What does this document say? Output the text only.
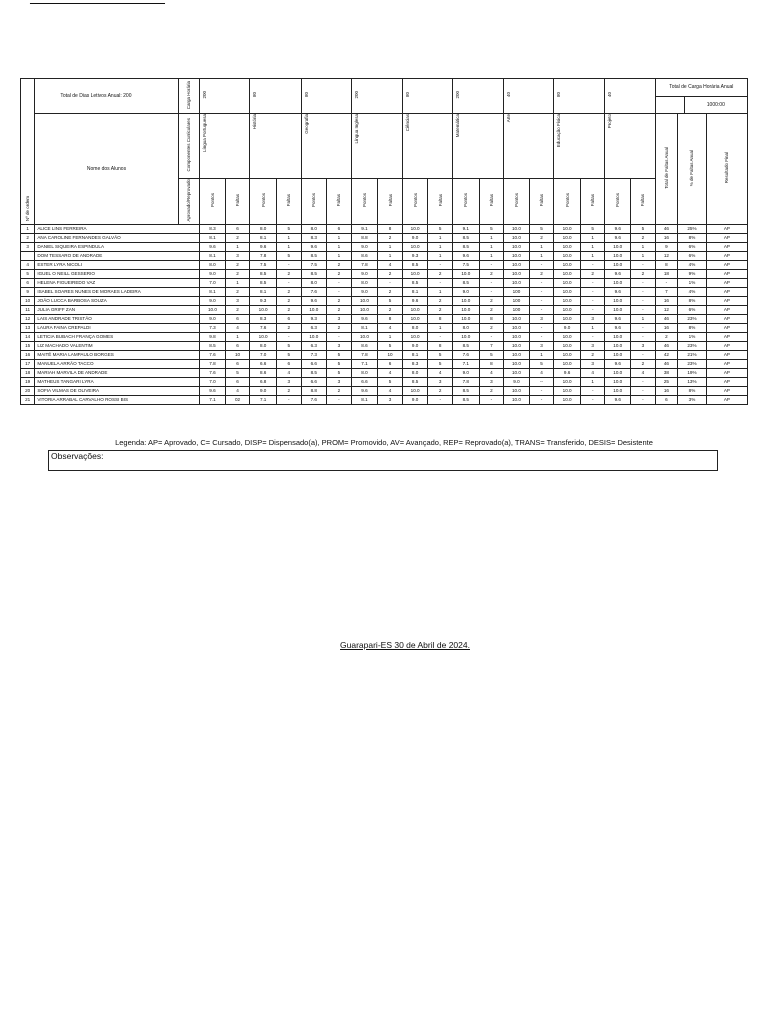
Nº de ordem	Total de Dias Letivos Anual: 200	Carga Horária	200		80		80		200		80		200		40		80		40		Total de Carga Horária Anual
1000:00		

	Nome dos Alunos	Componentes Curriculares	Língua Portuguesa		História		Geografia		Língua Inglesa		Ciências		Matemática		Arte		Educação Física		Projeto		Total de Faltas Anual	% de Faltas Anual	Resultado Final
		Aprovado/Reprovado	Pontos	Faltas	Pontos	Faltas	Pontos	Faltas	Pontos	Faltas	Pontos	Faltas	Pontos	Faltas	Pontos	Faltas	Pontos	Faltas	Pontos	Faltas			
1	ALICE LINS FERREIRA		8.3	6	8.0	5	8.0	6	9.1	8	10.0	5	9.1	5	10.0	5	10.0	5	9.6	5	46	25%	AP
2	ANA CAROLINE FERNANDES GALVÃO		8.1	2	8.1	1	8.3	1	8.8	2	9.0	1	8.5	1	10.0	2	10.0	1	9.6	2	16	8%	AP
3	DANIEL SIQUEIRA ESPINDULA		9.6	1	9.6	1	9.6	1	9.0	1	10.0	1	8.5	1	10.0	1	10.0	1	10.0	1	9	6%	AP
	DOM TESSARO DE ANDRADE		8.1	3	7.8	5	8.5	1	8.6	1	9.3	1	9.6	1	10.0	1	10.0	1	10.0	1	12	6%	AP
4	ESTER LYRA NICOLI		8.0	2	7.5	-	7.5	2	7.8	4	8.5	-	7.5	-	10.0	-	10.0	-	10.0	-	8	4%	AP
5	IGUEL O NEILL GESSERIO		9.0	2	8.5	2	8.5	2	9.0	2	10.0	2	10.0	2	10.0	2	10.0	2	9.6	2	18	9%	AP
6	HELENA FIGUEIREDO VAZ		7.0	1	8.5	-	8.0	-	8.0	-	8.5	-	8.5	-	10.0	-	10.0	-	10.0	-	-	1%	AP
9	ISABEL SOARES NUNES DE MORAES LADEIRA		8.1	2	8.1	2	7.6	-	9.0	2	8.1	1	9.0	-	100	-	10.0	-	9.6	-	7	4%	AP
10	JOÃO LUCCA BARBOSA SOUZA		9.0	3	9.3	2	9.6	2	10.0	5	9.6	2	10.0	2	100	-	10.0	-	10.0	-	16	8%	AP
11	JULIA GRIFF ZAN		10.0	2	10.0	2	10.0	2	10.0	2	10.0	2	10.0	2	100	-	10.0	-	10.0	-	12	6%	AP
12	LAIS ANDRADE TRISTÃO		9.0	6	8.3	6	9.3	3	9.6	8	10.0	8	10.0	8	10.0	3	10.0	3	9.6	1	46	23%	AP
13	LAURA FAINA CREPALDI		7.3	4	7.6	2	6.3	2	8.1	4	8.0	1	8.0	2	10.0	-	9.0	1	9.6	-	16	8%	AP
14	LETICIA BUBACH FRANÇA GOMES		9.8	1	10.0	-	10.0	-	10.0	1	10.0	-	10.0	-	10.0	-	10.0	-	10.0	-	2	1%	AP
15	LIZ MACHADO VALENTIM		8.5	6	8.0	5	6.3	3	8.6	5	9.0	8	8.5	7	10.0	3	10.0	3	10.0	3	46	23%	AP
16	MAITÊ MARIA LAMPAULO BORGES		7.6	10	7.0	5	7.3	5	7.8	10	8.1	5	7.6	5	10.0	1	10.0	2	10.0	-	42	21%	AP
17	MANUELA ARRÃO TACCO		7.8	6	6.6	6	6.6	5	7.1	6	8.3	5	7.1	8	10.0	5	10.0	3	9.6	2	46	23%	AP
18	MARIAH MARVILA DE ANDRADE		7.6	5	8.6	4	8.5	5	8.0	4	8.0	4	9.0	4	10.0	4	9.6	4	10.0	4	38	19%	AP
19	MATHEUS TANGARI LYRA		7.0	6	6.8	3	6.6	3	6.6	5	8.5	3	7.8	3	9.0	--	10.0	1	10.0	-	25	13%	AP
20	SOFIA VILMAS DE OLIVEIRA		9.6	4	9.0	2	8.8	2	9.6	4	10.0	2	8.5	2	10.0	-	10.0	-	10.0	-	16	8%	AP
21	VITORIA ARRABAL CARVALHO ROSSI BIS		7.1	02	7.1	-	7.6	-	8.1	3	9.0	-	8.5	-	10.0	-	10.0	-	9.6	-	6	3%	AP
Legenda: AP= Aprovado, C= Cursado, DISP= Dispensado(a), PROM= Promovido, AV= Avançado, REP= Reprovado(a), TRANS= Transferido, DESIS= Desistente
Observações:
Guarapari-ES 30 de Abril de 2024.
